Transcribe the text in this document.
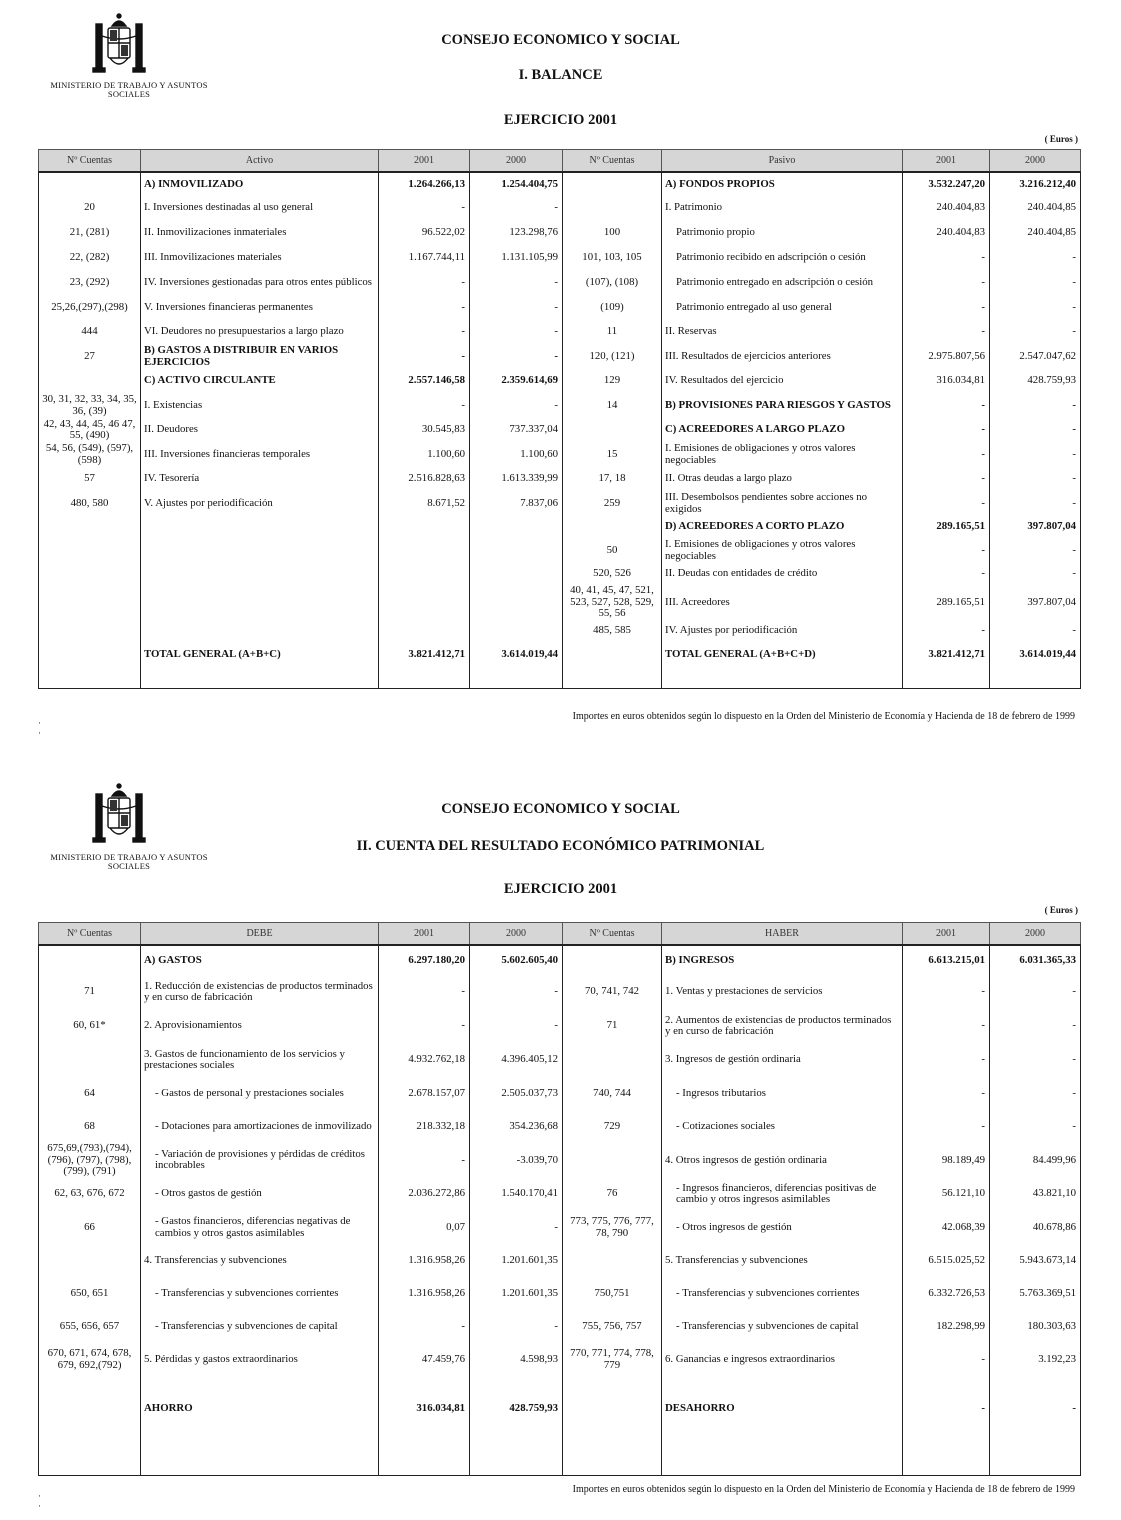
MINISTERIO DE TRABAJO Y ASUNTOS SOCIALES
CONSEJO ECONOMICO Y SOCIAL
I. BALANCE
EJERCICIO 2001
( Euros )
Nº Cuentas	Activo	2001	2000	Nº Cuentas	Pasivo	2001	2000
	A) INMOVILIZADO	1.264.266,13	1.254.404,75		A) FONDOS PROPIOS	3.532.247,20	3.216.212,40
20	I. Inversiones destinadas al uso general	-	-		I. Patrimonio	240.404,83	240.404,85
21, (281)	II. Inmovilizaciones inmateriales	96.522,02	123.298,76	100	Patrimonio propio	240.404,83	240.404,85
22, (282)	III. Inmovilizaciones materiales	1.167.744,11	1.131.105,99	101, 103, 105	Patrimonio recibido en adscripción o cesión	-	-
23, (292)	IV. Inversiones gestionadas para otros entes públicos	-	-	(107), (108)	Patrimonio entregado en adscripción o cesión	-	-
25,26,(297),(298)	V. Inversiones financieras permanentes	-	-	(109)	Patrimonio entregado al uso general	-	-
444	VI. Deudores no presupuestarios a largo plazo	-	-	11	II. Reservas	-	-
27	B) GASTOS A DISTRIBUIR EN VARIOS EJERCICIOS	-	-	120, (121)	III. Resultados de ejercicios anteriores	2.975.807,56	2.547.047,62
	C) ACTIVO CIRCULANTE	2.557.146,58	2.359.614,69	129	IV. Resultados del ejercicio	316.034,81	428.759,93
30, 31, 32, 33, 34, 35, 36, (39)	I. Existencias	-	-	14	B) PROVISIONES PARA RIESGOS Y GASTOS	-	-
42, 43, 44, 45, 46 47, 55, (490)	II. Deudores	30.545,83	737.337,04		C) ACREEDORES A LARGO PLAZO	-	-
54, 56, (549), (597), (598)	III. Inversiones financieras temporales	1.100,60	1.100,60	15	I. Emisiones de obligaciones y otros valores negociables	-	-
57	IV. Tesorería	2.516.828,63	1.613.339,99	17, 18	II. Otras deudas a largo plazo	-	-
480, 580	V. Ajustes por periodificación	8.671,52	7.837,06	259	III. Desembolsos pendientes sobre acciones no exigidos	-	-
					D) ACREEDORES A CORTO PLAZO	289.165,51	397.807,04
				50	I. Emisiones de obligaciones y otros valores negociables	-	-
				520, 526	II. Deudas con entidades de crédito	-	-
				40, 41, 45, 47, 521, 523, 527, 528, 529, 55, 56	III. Acreedores	289.165,51	397.807,04
				485, 585	IV. Ajustes por periodificación	-	-
	TOTAL GENERAL (A+B+C)	3.821.412,71	3.614.019,44		TOTAL GENERAL (A+B+C+D)	3.821.412,71	3.614.019,44

Importes en euros obtenidos según lo dispuesto en la Orden del Ministerio de Economía y Hacienda de 18 de febrero de 1999
·
·
MINISTERIO DE TRABAJO Y ASUNTOS SOCIALES
CONSEJO ECONOMICO Y SOCIAL
II. CUENTA DEL RESULTADO ECONÓMICO PATRIMONIAL
EJERCICIO 2001
( Euros )
Nº Cuentas	DEBE	2001	2000	Nº Cuentas	HABER	2001	2000
	A) GASTOS	6.297.180,20	5.602.605,40		B) INGRESOS	6.613.215,01	6.031.365,33
71	1. Reducción de existencias de productos terminados y en curso de fabricación	-	-	70, 741, 742	1. Ventas y prestaciones de servicios	-	-
60, 61*	2. Aprovisionamientos	-	-	71	2. Aumentos de existencias de productos terminados y en curso de fabricación	-	-
	3. Gastos de funcionamiento de los servicios y prestaciones sociales	4.932.762,18	4.396.405,12		3. Ingresos de gestión ordinaria	-	-
64	- Gastos de personal y prestaciones sociales	2.678.157,07	2.505.037,73	740, 744	- Ingresos tributarios	-	-
68	- Dotaciones para amortizaciones de inmovilizado	218.332,18	354.236,68	729	- Cotizaciones sociales	-	-
675,69,(793),(794), (796), (797), (798), (799), (791)	- Variación de provisiones y pérdidas de créditos incobrables	-	-3.039,70		4. Otros ingresos de gestión ordinaria	98.189,49	84.499,96
62, 63, 676, 672	- Otros gastos de gestión	2.036.272,86	1.540.170,41	76	- Ingresos financieros, diferencias positivas de cambio y otros ingresos asimilables	56.121,10	43.821,10
66	- Gastos financieros, diferencias negativas de cambios y otros gastos asimilables	0,07	-	773, 775, 776, 777, 78, 790	- Otros ingresos de gestión	42.068,39	40.678,86
	4. Transferencias y subvenciones	1.316.958,26	1.201.601,35		5. Transferencias y subvenciones	6.515.025,52	5.943.673,14
650, 651	- Transferencias y subvenciones corrientes	1.316.958,26	1.201.601,35	750,751	- Transferencias y subvenciones corrientes	6.332.726,53	5.763.369,51
655, 656, 657	- Transferencias y subvenciones de capital	-	-	755, 756, 757	- Transferencias y subvenciones de capital	182.298,99	180.303,63
670, 671, 674, 678, 679, 692,(792)	5. Pérdidas y gastos extraordinarios	47.459,76	4.598,93	770, 771, 774, 778, 779	6. Ganancias e ingresos extraordinarios	-	3.192,23
	AHORRO	316.034,81	428.759,93		DESAHORRO	-	-

Importes en euros obtenidos según lo dispuesto en la Orden del Ministerio de Economía y Hacienda de 18 de febrero de 1999
·
·
